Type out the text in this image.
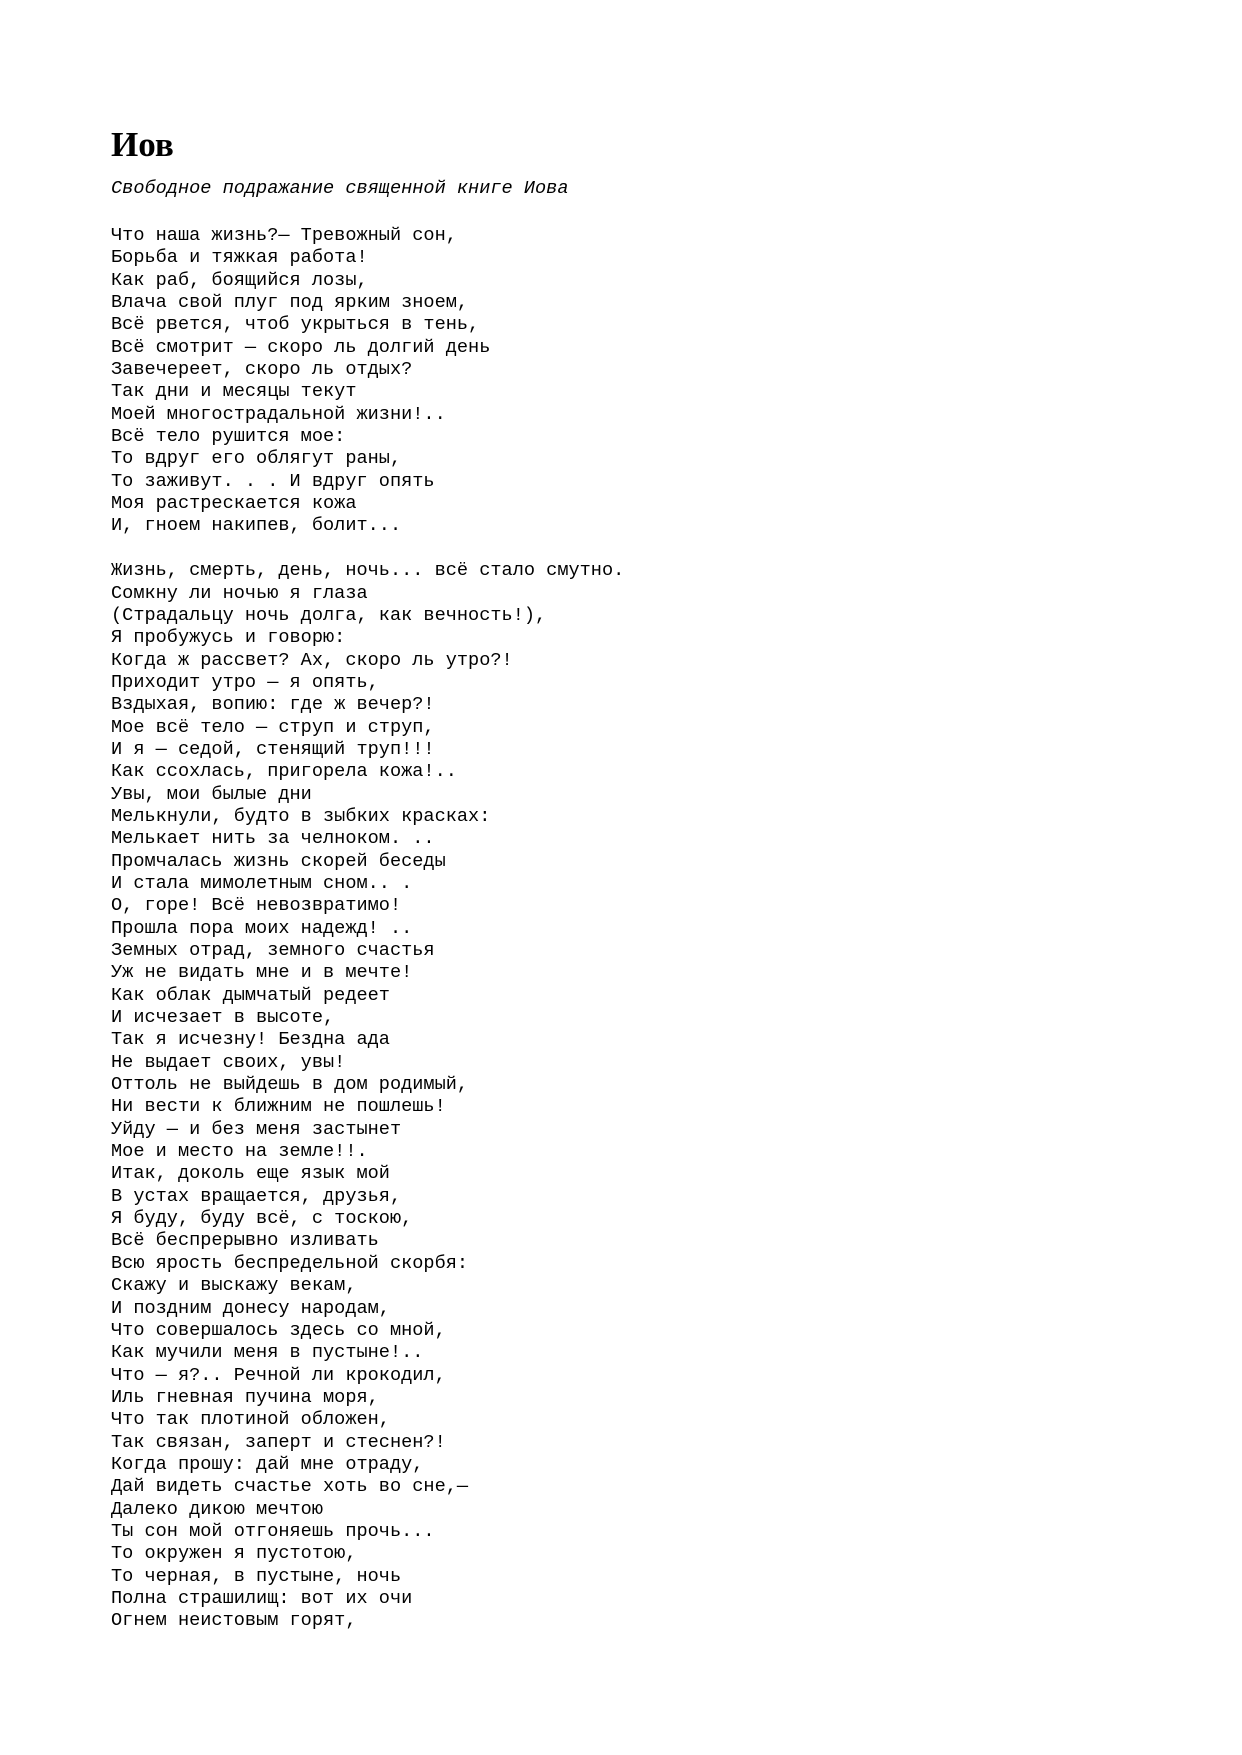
Иов
Свободное подражание священной книге Иова
Что наша жизнь?— Тревожный сон,
Борьба и тяжкая работа!
Как раб, боящийся лозы,
Влача свой плуг под ярким зноем,
Всё рвется, чтоб укрыться в тень,
Всё смотрит — скоро ль долгий день
Завечереет, скоро ль отдых?
Так дни и месяцы текут
Моей многострадальной жизни!..
Всё тело рушится мое:
То вдруг его облягут раны,
То заживут. . . И вдруг опять
Моя растрескается кожа
И, гноем накипев, болит...
Жизнь, смерть, день, ночь... всё стало смутно.
Сомкну ли ночью я глаза
(Страдальцу ночь долга, как вечность!),
Я пробужусь и говорю:
Когда ж рассвет? Ах, скоро ль утро?!
Приходит утро — я опять,
Вздыхая, вопию: где ж вечер?!
Мое всё тело — струп и струп,
И я — седой, стенящий труп!!!
Как ссохлась, пригорела кожа!..
Увы, мои былые дни
Мелькнули, будто в зыбких красках:
Мелькает нить за челноком. ..
Промчалась жизнь скорей беседы
И стала мимолетным сном.. .
О, горе! Всё невозвратимо!
Прошла пора моих надежд! ..
Земных отрад, земного счастья
Уж не видать мне и в мечте!
Как облак дымчатый редеет
И исчезает в высоте,
Так я исчезну! Бездна ада
Не выдает своих, увы!
Оттоль не выйдешь в дом родимый,
Ни вести к ближним не пошлешь!
Уйду — и без меня застынет
Мое и место на земле!!.
Итак, доколь еще язык мой
В устах вращается, друзья,
Я буду, буду всё, с тоскою,
Всё беспрерывно изливать
Всю ярость беспредельной скорбя:
Скажу и выскажу векам,
И поздним донесу народам,
Что совершалось здесь со мной,
Как мучили меня в пустыне!..
Что — я?.. Речной ли крокодил,
Иль гневная пучина моря,
Что так плотиной обложен,
Так связан, заперт и стеснен?!
Когда прошу: дай мне отраду,
Дай видеть счастье хоть во сне,—
Далеко дикою мечтою
Ты сон мой отгоняешь прочь...
То окружен я пустотою,
То черная, в пустыне, ночь
Полна страшилищ: вот их очи
Огнем неистовым горят,
